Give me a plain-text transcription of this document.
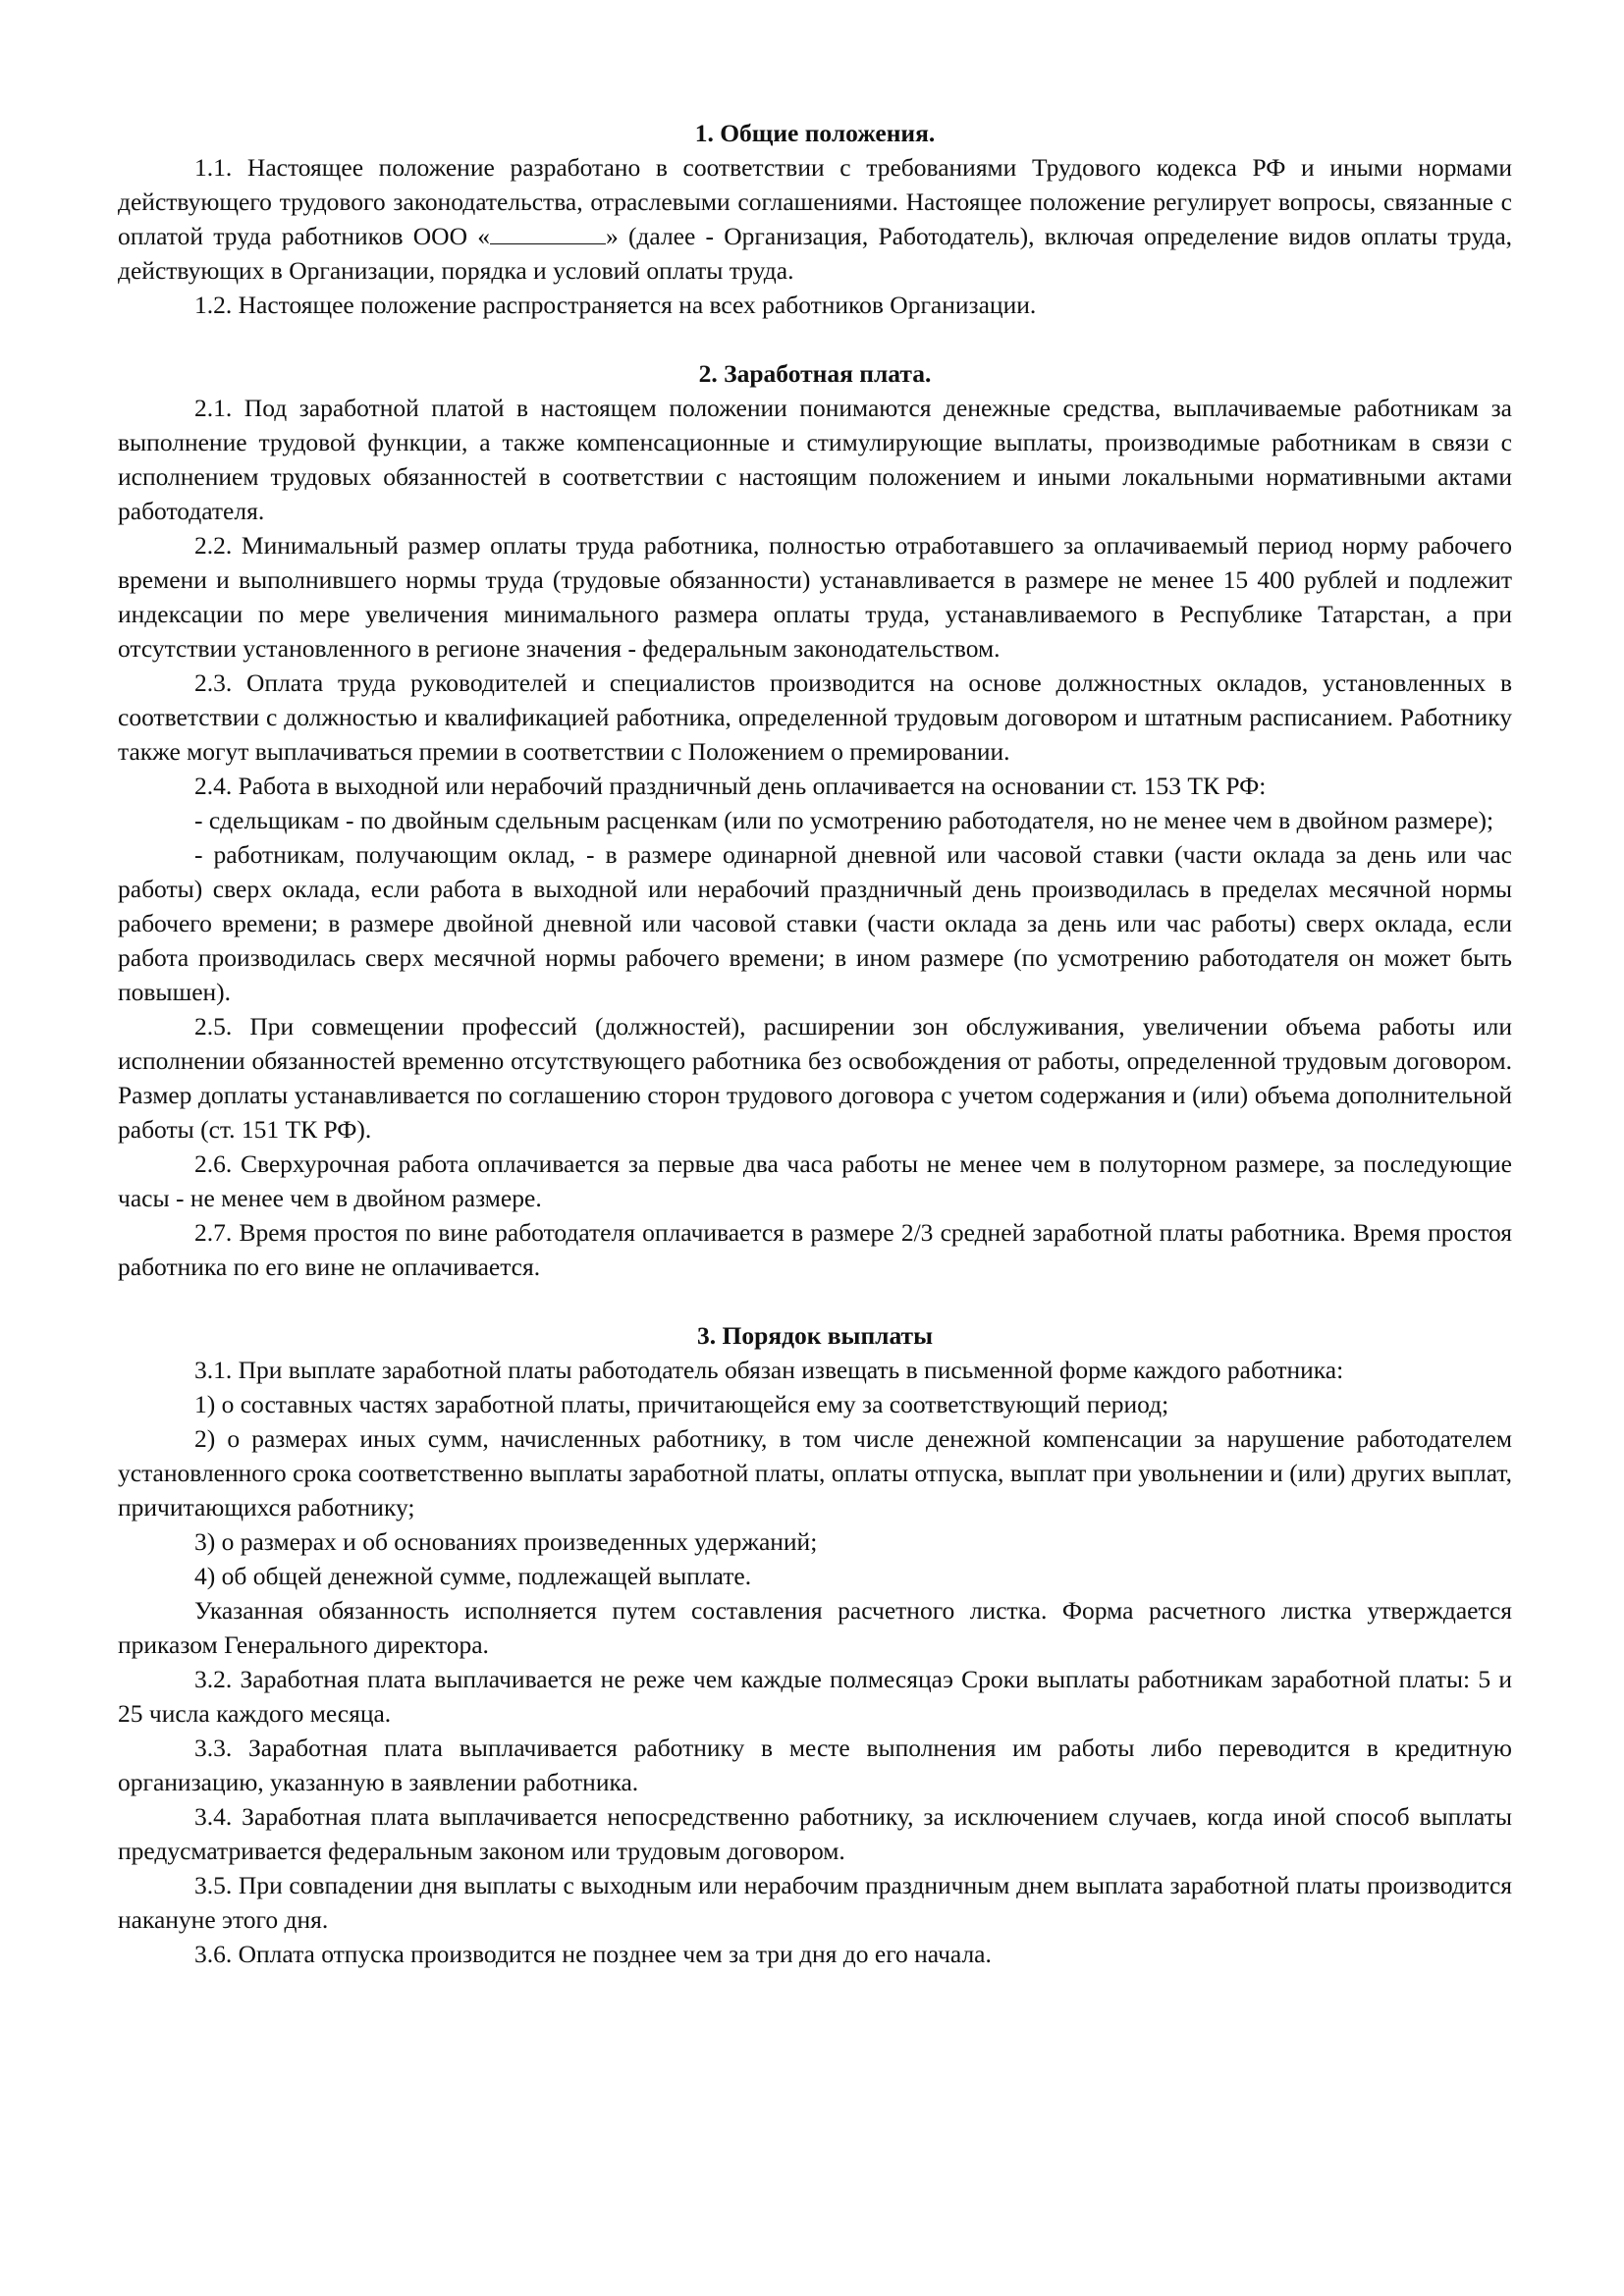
1. Общие положения.

1.1. Настоящее положение разработано в соответствии с требованиями Трудового кодекса РФ и иными нормами действующего трудового законодательства, отраслевыми соглашениями. Настоящее положение регулирует вопросы, связанные с оплатой труда работников ООО «	» (далее - Организация, Работодатель), включая определение видов оплаты труда, действующих в Организации, порядка и условий оплаты труда.

1.2. Настоящее положение распространяется на всех работников Организации.

2. Заработная плата.

2.1. Под заработной платой в настоящем положении понимаются денежные средства, выплачиваемые работникам за выполнение трудовой функции, а также компенсационные и стимулирующие выплаты, производимые работникам в связи с исполнением трудовых обязанностей в соответствии с настоящим положением и иными локальными нормативными актами работодателя.

2.2. Минимальный размер оплаты труда работника, полностью отработавшего за оплачиваемый период норму рабочего времени и выполнившего нормы труда (трудовые обязанности) устанавливается в размере не менее 15 400 рублей и подлежит индексации по мере увеличения минимального размера оплаты труда, устанавливаемого в Республике Татарстан, а при отсутствии установленного в регионе значения - федеральным законодательством.

2.3. Оплата труда руководителей и специалистов производится на основе должностных окладов, установленных в соответствии с должностью и квалификацией работника, определенной трудовым договором и штатным расписанием. Работнику также могут выплачиваться премии в соответствии с Положением о премировании.

2.4. Работа в выходной или нерабочий праздничный день оплачивается на основании ст. 153 ТК РФ:

- сдельщикам - по двойным сдельным расценкам (или по усмотрению работодателя, но не менее чем в двойном размере);

- работникам, получающим оклад, - в размере одинарной дневной или часовой ставки (части оклада за день или час работы) сверх оклада, если работа в выходной или нерабочий праздничный день производилась в пределах месячной нормы рабочего времени; в размере двойной дневной или часовой ставки (части оклада за день или час работы) сверх оклада, если работа производилась сверх месячной нормы рабочего времени; в ином размере (по усмотрению работодателя он может быть повышен).

2.5. При совмещении профессий (должностей), расширении зон обслуживания, увеличении объема работы или исполнении обязанностей временно отсутствующего работника без освобождения от работы, определенной трудовым договором. Размер доплаты устанавливается по соглашению сторон трудового договора с учетом содержания и (или) объема дополнительной работы (ст. 151 ТК РФ).

2.6. Сверхурочная работа оплачивается за первые два часа работы не менее чем в полуторном размере, за последующие часы - не менее чем в двойном размере.

2.7. Время простоя по вине работодателя оплачивается в размере 2/3 средней заработной платы работника. Время простоя работника по его вине не оплачивается.

3. Порядок выплаты

3.1. При выплате заработной платы работодатель обязан извещать в письменной форме каждого работника:

1) о составных частях заработной платы, причитающейся ему за соответствующий период;

2) о размерах иных сумм, начисленных работнику, в том числе денежной компенсации за нарушение работодателем установленного срока соответственно выплаты заработной платы, оплаты отпуска, выплат при увольнении и (или) других выплат, причитающихся работнику;

3) о размерах и об основаниях произведенных удержаний;

4) об общей денежной сумме, подлежащей выплате.

Указанная обязанность исполняется путем составления расчетного листка. Форма расчетного листка утверждается приказом Генерального директора.

3.2. Заработная плата выплачивается не реже чем каждые полмесяцаэ Сроки выплаты работникам заработной платы: 5 и 25 числа каждого месяца.

3.3. Заработная плата выплачивается работнику в месте выполнения им работы либо переводится в кредитную организацию, указанную в заявлении работника.

3.4. Заработная плата выплачивается непосредственно работнику, за исключением случаев, когда иной способ выплаты предусматривается федеральным законом или трудовым договором.

3.5. При совпадении дня выплаты с выходным или нерабочим праздничным днем выплата заработной платы производится накануне этого дня.

3.6. Оплата отпуска производится не позднее чем за три дня до его начала.
